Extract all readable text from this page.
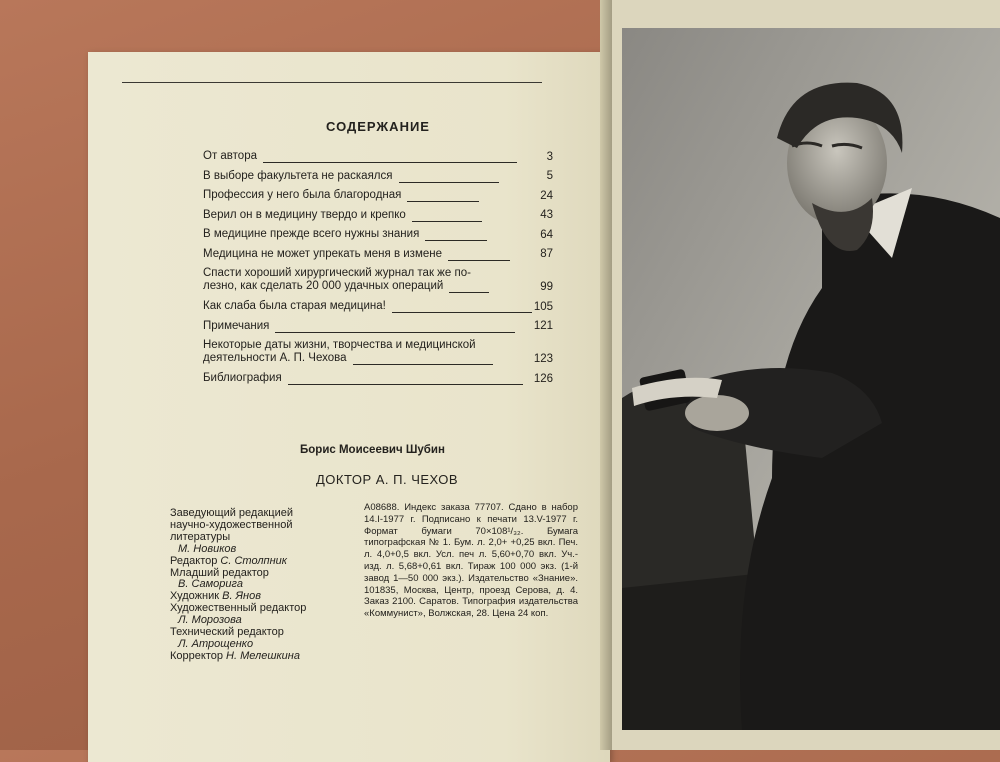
СОДЕРЖАНИЕ
От автора	3
В выборе факультета не раскаялся	5
Профессия у него была благородная	24
Верил он в медицину твердо и крепко	43
В медицине прежде всего нужны знания	64
Медицина не может упрекать меня в измене	87
Спасти хороший хирургический журнал так же по-
лезно, как сделать 20 000 удачных операций	99
Как слаба была старая медицина!	105
Примечания	121
Некоторые даты жизни, творчества и медицинской
деятельности А. П. Чехова	123
Библиография	126
Борис Моисеевич Шубин
ДОКТОР А. П. ЧЕХОВ
Заведующий редакцией
научно-художественной
литературы
М. Новиков
Редактор С. Столпник
Младший редактор
В. Саморига
Художник В. Янов
Художественный редактор
Л. Морозова
Технический редактор
Л. Атрощенко
Корректор Н. Мелешкина
А08688. Индекс заказа 77707. Сдано в набор 14.I-1977 г. Подписано к печати 13.V-1977 г. Формат бумаги 70×108¹/₃₂. Бумага типографская № 1. Бум. л. 2,0+ +0,25 вкл. Печ. л. 4,0+0,5 вкл. Усл. печ л. 5,60+0,70 вкл. Уч.-изд. л. 5,68+0,61 вкл. Тираж 100 000 экз. (1-й завод 1—50 000 экз.). Издательство «Знание». 101835, Москва, Центр, проезд Серова, д. 4. Заказ 2100. Саратов. Типография издательства «Коммунист», Волжская, 28. Цена 24 коп.
